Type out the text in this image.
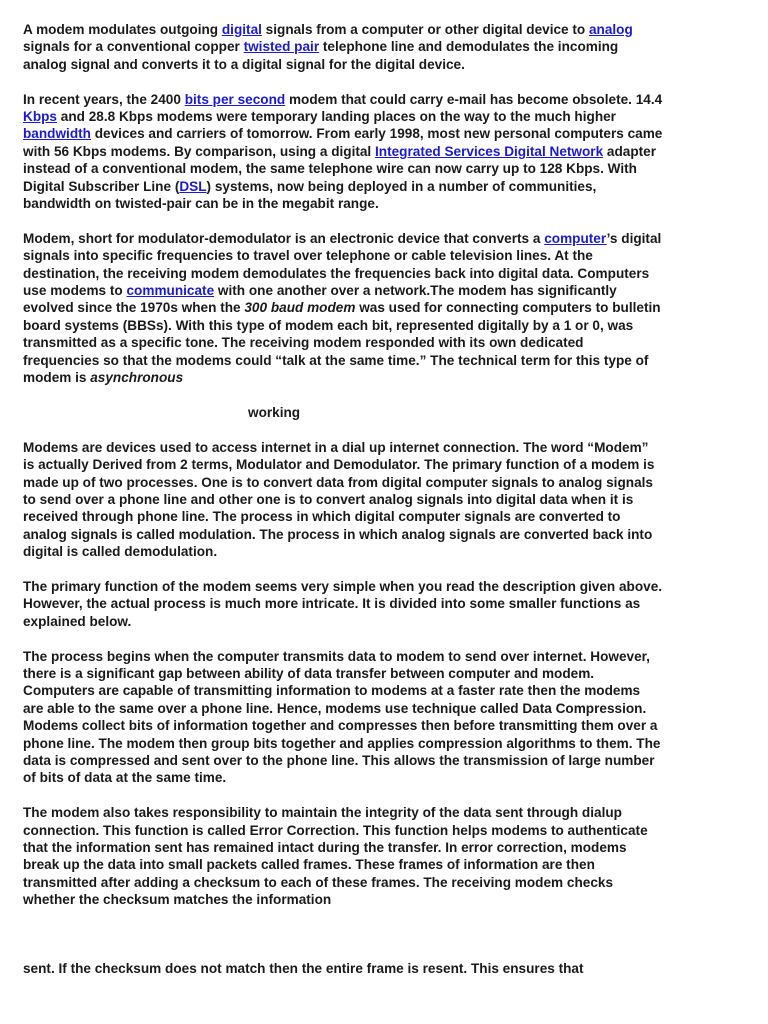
A modem modulates outgoing digital signals from a computer or other digital device to analog signals for a conventional copper twisted pair telephone line and demodulates the incoming analog signal and converts it to a digital signal for the digital device.

In recent years, the 2400 bits per second modem that could carry e-mail has become obsolete. 14.4 Kbps and 28.8 Kbps modems were temporary landing places on the way to the much higher bandwidth devices and carriers of tomorrow. From early 1998, most new personal computers came with 56 Kbps modems. By comparison, using a digital Integrated Services Digital Network adapter instead of a conventional modem, the same telephone wire can now carry up to 128 Kbps. With Digital Subscriber Line (DSL) systems, now being deployed in a number of communities, bandwidth on twisted-pair can be in the megabit range.

Modem, short for modulator-demodulator is an electronic device that converts a computer’s digital signals into specific frequencies to travel over telephone or cable television lines. At the destination, the receiving modem demodulates the frequencies back into digital data. Computers use modems to communicate with one another over a network.The modem has significantly evolved since the 1970s when the 300 baud modem was used for connecting computers to bulletin board systems (BBSs). With this type of modem each bit, represented digitally by a 1 or 0, was transmitted as a specific tone. The receiving modem responded with its own dedicated frequencies so that the modems could “talk at the same time.” The technical term for this type of modem is asynchronous

working

Modems are devices used to access internet in a dial up internet connection. The word “Modem” is actually Derived from 2 terms, Modulator and Demodulator. The primary function of a modem is made up of two processes. One is to convert data from digital computer signals to analog signals to send over a phone line and other one is to convert analog signals into digital data when it is received through phone line. The process in which digital computer signals are converted to analog signals is called modulation. The process in which analog signals are converted back into digital is called demodulation.

The primary function of the modem seems very simple when you read the description given above. However, the actual process is much more intricate. It is divided into some smaller functions as explained below.

The process begins when the computer transmits data to modem to send over internet. However, there is a significant gap between ability of data transfer between computer and modem. Computers are capable of transmitting information to modems at a faster rate then the modems are able to the same over a phone line. Hence, modems use technique called Data Compression. Modems collect bits of information together and compresses then before transmitting them over a phone line. The modem then group bits together and applies compression algorithms to them. The data is compressed and sent over to the phone line. This allows the transmission of large number of bits of data at the same time.

The modem also takes responsibility to maintain the integrity of the data sent through dialup connection. This function is called Error Correction. This function helps modems to authenticate that the information sent has remained intact during the transfer. In error correction, modems break up the data into small packets called frames. These frames of information are then transmitted after adding a checksum to each of these frames. The receiving modem checks whether the checksum matches the information

sent. If the checksum does not match then the entire frame is resent. This ensures that
